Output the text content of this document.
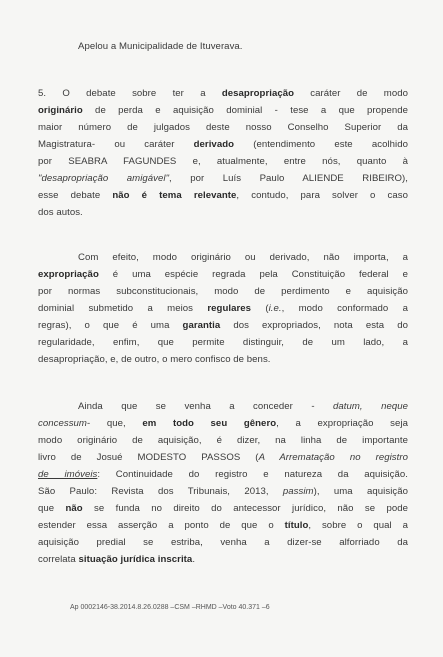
Apelou a Municipalidade de Ituverava.
5. O debate sobre ter a desapropriação caráter de modo
originário de perda e aquisição dominial - tese a que propende
maior número de julgados deste nosso Conselho Superior da
Magistratura- ou caráter derivado (entendimento este acolhido
por SEABRA FAGUNDES e, atualmente, entre nós, quanto à
"desapropriação amigável", por Luís Paulo ALIENDE RIBEIRO),
esse debate não é tema relevante, contudo, para solver o caso
dos autos.
Com efeito, modo originário ou derivado, não importa, a
expropriação é uma espécie regrada pela Constituição federal e
por normas subconstitucionais, modo de perdimento e aquisição
dominial submetido a meios regulares (i.e., modo conformado a
regras), o que é uma garantia dos expropriados, nota esta do
regularidade, enfim, que permite distinguir, de um lado, a
desapropriação, e, de outro, o mero confisco de bens.
Ainda que se venha a conceder - datum, neque
concessum- que, em todo seu gênero, a expropriação seja
modo originário de aquisição, é dizer, na linha de importante
livro de Josué MODESTO PASSOS (A Arrematação no registro
de imóveis: Continuidade do registro e natureza da aquisição.
São Paulo: Revista dos Tribunais, 2013, passim), uma aquisição
que não se funda no direito do antecessor jurídico, não se pode
estender essa asserção a ponto de que o título, sobre o qual a
aquisição predial se estriba, venha a dizer-se alforriado da
correlata situação jurídica inscrita.
Ap 0002146-38.2014.8.26.0288 –CSM –RHMD –Voto 40.371 –6
